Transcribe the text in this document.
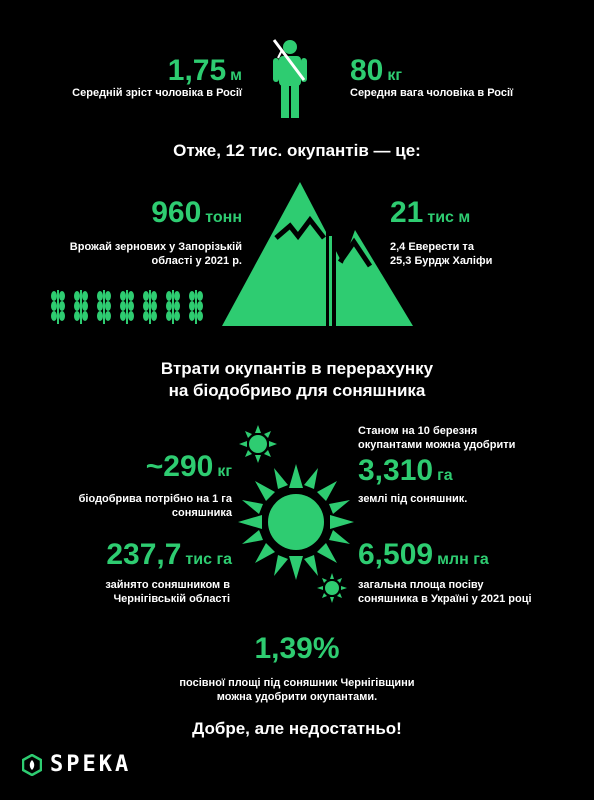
1,75 м
Середній зріст чоловіка в Росії
80 кг
Середня вага чоловіка в Росії
Отже, 12 тис. окупантів — це:
960 тонн
Врожай зернових у Запорізькій
області у 2021 р.
21 тис м
2,4 Еверести та
25,3 Бурдж Халіфи
Втрати окупантів в перерахунку
на біодобриво для соняшника
Станом на 10 березня
окупантами можна удобрити
~290 кг
біодобрива потрібно на 1 га
соняшника
3,310 га
землі під соняшник.
237,7 тис га
зайнято соняшником в
Чернігівській області
6,509 млн га
загальна площа посіву
соняшника в Україні у 2021 році
1,39%
посівної площі під соняшник Чернігівщини
можна удобрити окупантами.
Добре, але недостатньо!
SPEKA
